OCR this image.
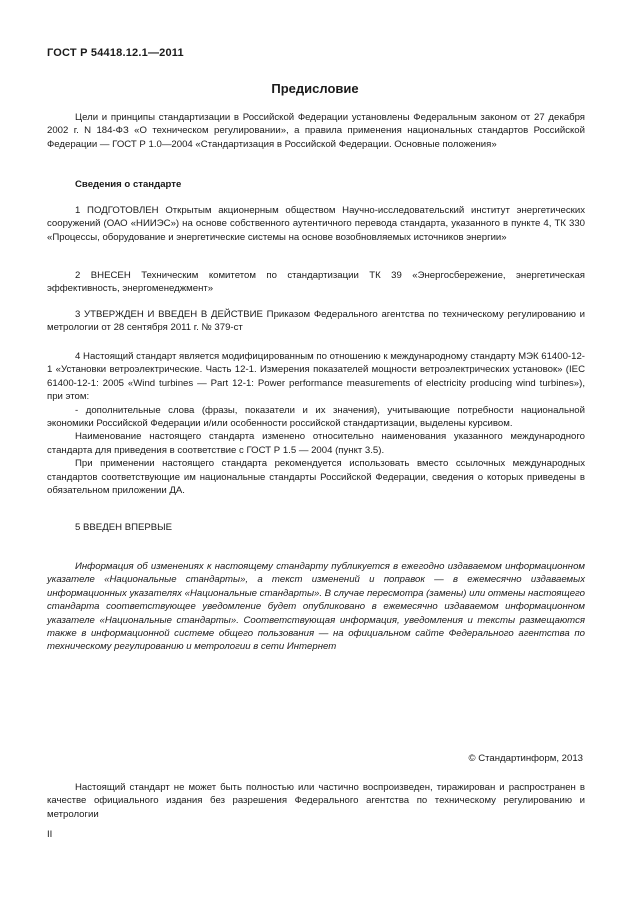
ГОСТ Р 54418.12.1—2011
Предисловие

Цели и принципы стандартизации в Российской Федерации установлены Федеральным законом от 27 декабря 2002 г. N 184-ФЗ «О техническом регулировании», а правила применения национальных стандартов Российской Федерации — ГОСТ Р 1.0—2004 «Стандартизация в Российской Федерации. Основные положения»

Сведения о стандарте

1 ПОДГОТОВЛЕН Открытым акционерным обществом Научно-исследовательский институт энергетических сооружений (ОАО «НИИЭС») на основе собственного аутентичного перевода стандарта, указанного в пункте 4, ТК 330 «Процессы, оборудование и энергетические системы на основе возобновляемых источников энергии»

2 ВНЕСЕН Техническим комитетом по стандартизации ТК 39 «Энергосбережение, энергетическая эффективность, энергоменеджмент»

3 УТВЕРЖДЕН И ВВЕДЕН В ДЕЙСТВИЕ Приказом Федерального агентства по техническому регулированию и метрологии от 28 сентября 2011 г. № 379-ст

4 Настоящий стандарт является модифицированным по отношению к международному стандарту МЭК 61400-12-1 «Установки ветроэлектрические. Часть 12-1. Измерения показателей мощности ветроэлектрических установок» (IEC 61400-12-1: 2005 «Wind turbines — Part 12-1: Power performance measurements of electricity producing wind turbines»), при этом:

- дополнительные слова (фразы, показатели и их значения), учитывающие потребности национальной экономики Российской Федерации и/или особенности российской стандартизации, выделены курсивом.

Наименование настоящего стандарта изменено относительно наименования указанного международного стандарта для приведения в соответствие с ГОСТ Р 1.5 — 2004 (пункт 3.5).

При применении настоящего стандарта рекомендуется использовать вместо ссылочных международных стандартов соответствующие им национальные стандарты Российской Федерации, сведения о которых приведены в обязательном приложении ДА.

5 ВВЕДЕН ВПЕРВЫЕ

Информация об изменениях к настоящему стандарту публикуется в ежегодно издаваемом информационном указателе «Национальные стандарты», а текст изменений и поправок — в ежемесячно издаваемых информационных указателях «Национальные стандарты». В случае пересмотра (замены) или отмены настоящего стандарта соответствующее уведомление будет опубликовано в ежемесячно издаваемом информационном указателе «Национальные стандарты». Соответствующая информация, уведомления и тексты размещаются также в информационной системе общего пользования — на официальном сайте Федерального агентства по техническому регулированию и метрологии в сети Интернет

© Стандартинформ, 2013

Настоящий стандарт не может быть полностью или частично воспроизведен, тиражирован и распространен в качестве официального издания без разрешения Федерального агентства по техническому регулированию и метрологии

II
